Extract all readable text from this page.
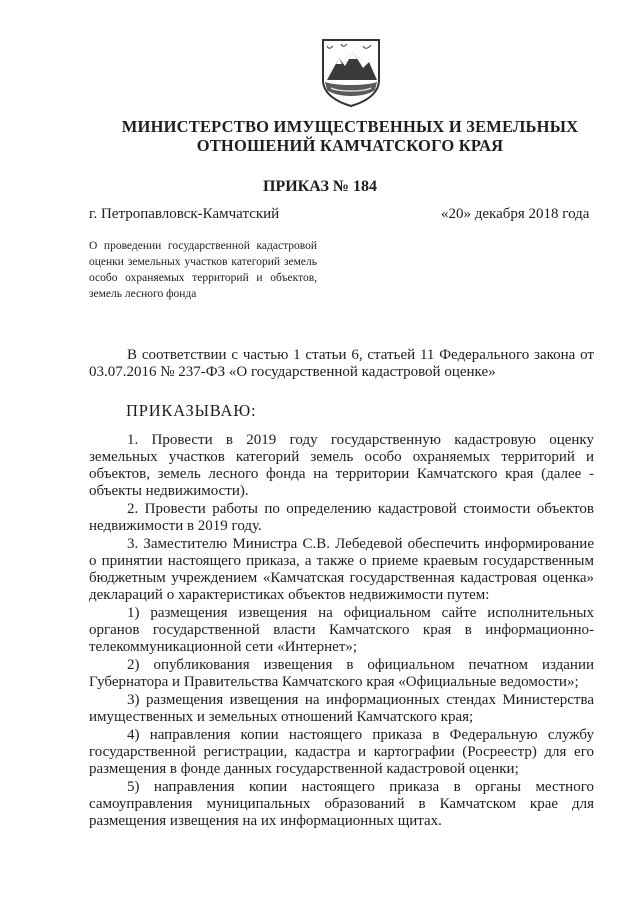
МИНИСТЕРСТВО ИМУЩЕСТВЕННЫХ И ЗЕМЕЛЬНЫХ
ОТНОШЕНИЙ КАМЧАТСКОГО КРАЯ
ПРИКАЗ № 184
г. Петропавловск-Камчатский	«20» декабря 2018 года
О проведении государственной кадастровой оценки земельных участков категорий земель особо охраняемых территорий и объектов, земель лесного фонда

В соответствии с частью 1 статьи 6, статьей 11 Федерального закона от 03.07.2016 № 237-ФЗ «О государственной кадастровой оценке»

ПРИКАЗЫВАЮ:

1. Провести в 2019 году государственную кадастровую оценку земельных участков категорий земель особо охраняемых территорий и объектов, земель лесного фонда на территории Камчатского края (далее - объекты недвижимости).

2. Провести работы по определению кадастровой стоимости объектов недвижимости в 2019 году.

3. Заместителю Министра С.В. Лебедевой обеспечить информирование о принятии настоящего приказа, а также о приеме краевым государственным бюджетным учреждением «Камчатская государственная кадастровая оценка» деклараций о характеристиках объектов недвижимости путем:

1) размещения извещения на официальном сайте исполнительных органов государственной власти Камчатского края в информационно-телекоммуникационной сети «Интернет»;

2) опубликования извещения в официальном печатном издании Губернатора и Правительства Камчатского края «Официальные ведомости»;

3) размещения извещения на информационных стендах Министерства имущественных и земельных отношений Камчатского края;

4) направления копии настоящего приказа в Федеральную службу государственной регистрации, кадастра и картографии (Росреестр) для его размещения в фонде данных государственной кадастровой оценки;

5) направления копии настоящего приказа в органы местного самоуправления муниципальных образований в Камчатском крае для размещения извещения на их информационных щитах.
